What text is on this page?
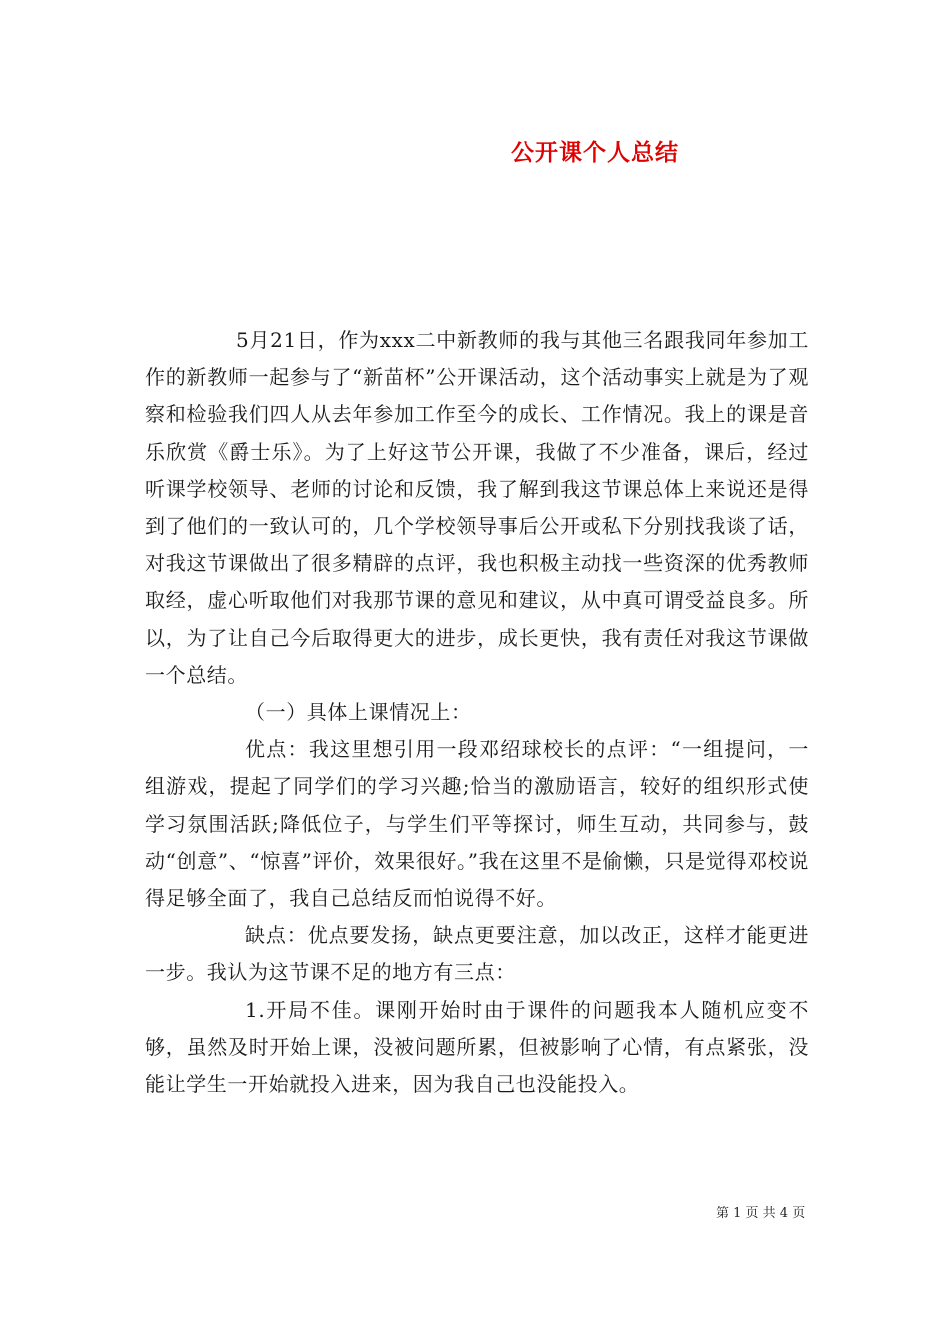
公开课个人总结

5月21日，作为xxx二中新教师的我与其他三名跟我同年参加工作的新教师一起参与了“新苗杯”公开课活动，这个活动事实上就是为了观察和检验我们四人从去年参加工作至今的成长、工作情况。我上的课是音乐欣赏《爵士乐》。为了上好这节公开课，我做了不少准备，课后，经过听课学校领导、老师的讨论和反馈，我了解到我这节课总体上来说还是得到了他们的一致认可的，几个学校领导事后公开或私下分别找我谈了话，对我这节课做出了很多精辟的点评，我也积极主动找一些资深的优秀教师取经，虚心听取他们对我那节课的意见和建议，从中真可谓受益良多。所以，为了让自己今后取得更大的进步，成长更快，我有责任对我这节课做一个总结。

（一）具体上课情况上：

优点：我这里想引用一段邓绍球校长的点评：“一组提问，一组游戏，提起了同学们的学习兴趣;恰当的激励语言，较好的组织形式使学习氛围活跃;降低位子，与学生们平等探讨，师生互动，共同参与，鼓动“创意”、“惊喜”评价，效果很好。”我在这里不是偷懒，只是觉得邓校说得足够全面了，我自己总结反而怕说得不好。

缺点：优点要发扬，缺点更要注意，加以改正，这样才能更进一步。我认为这节课不足的地方有三点：

1.开局不佳。课刚开始时由于课件的问题我本人随机应变不够，虽然及时开始上课，没被问题所累，但被影响了心情，有点紧张，没能让学生一开始就投入进来，因为我自己也没能投入。

第 1 页 共 4 页
